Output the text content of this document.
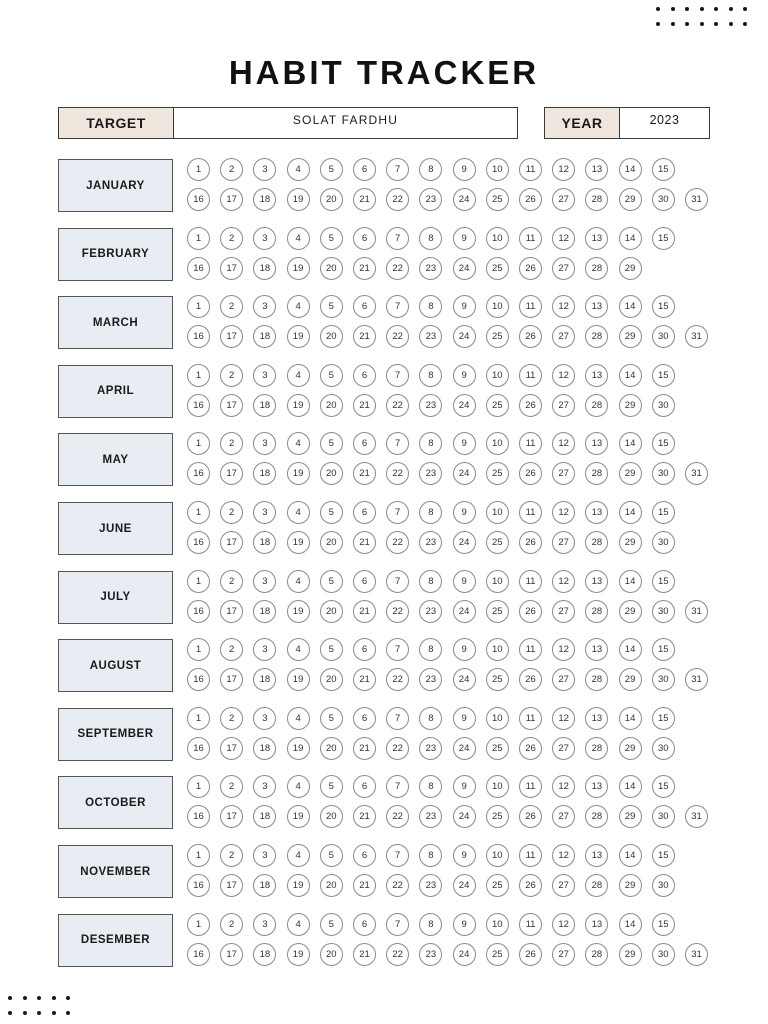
HABIT TRACKER
TARGET	SOLAT FARDHU	YEAR	2023
JANUARY
1	2	3	4	5	6	7	8	9	10	11	12	13	14	15
16	17	18	19	20	21	22	23	24	25	26	27	28	29	30	31
FEBRUARY
1	2	3	4	5	6	7	8	9	10	11	12	13	14	15
16	17	18	19	20	21	22	23	24	25	26	27	28	29
MARCH
1	2	3	4	5	6	7	8	9	10	11	12	13	14	15
16	17	18	19	20	21	22	23	24	25	26	27	28	29	30	31
APRIL
1	2	3	4	5	6	7	8	9	10	11	12	13	14	15
16	17	18	19	20	21	22	23	24	25	26	27	28	29	30
MAY
1	2	3	4	5	6	7	8	9	10	11	12	13	14	15
16	17	18	19	20	21	22	23	24	25	26	27	28	29	30	31
JUNE
1	2	3	4	5	6	7	8	9	10	11	12	13	14	15
16	17	18	19	20	21	22	23	24	25	26	27	28	29	30
JULY
1	2	3	4	5	6	7	8	9	10	11	12	13	14	15
16	17	18	19	20	21	22	23	24	25	26	27	28	29	30	31
AUGUST
1	2	3	4	5	6	7	8	9	10	11	12	13	14	15
16	17	18	19	20	21	22	23	24	25	26	27	28	29	30	31
SEPTEMBER
1	2	3	4	5	6	7	8	9	10	11	12	13	14	15
16	17	18	19	20	21	22	23	24	25	26	27	28	29	30
OCTOBER
1	2	3	4	5	6	7	8	9	10	11	12	13	14	15
16	17	18	19	20	21	22	23	24	25	26	27	28	29	30	31
NOVEMBER
1	2	3	4	5	6	7	8	9	10	11	12	13	14	15
16	17	18	19	20	21	22	23	24	25	26	27	28	29	30
DESEMBER
1	2	3	4	5	6	7	8	9	10	11	12	13	14	15
16	17	18	19	20	21	22	23	24	25	26	27	28	29	30	31
